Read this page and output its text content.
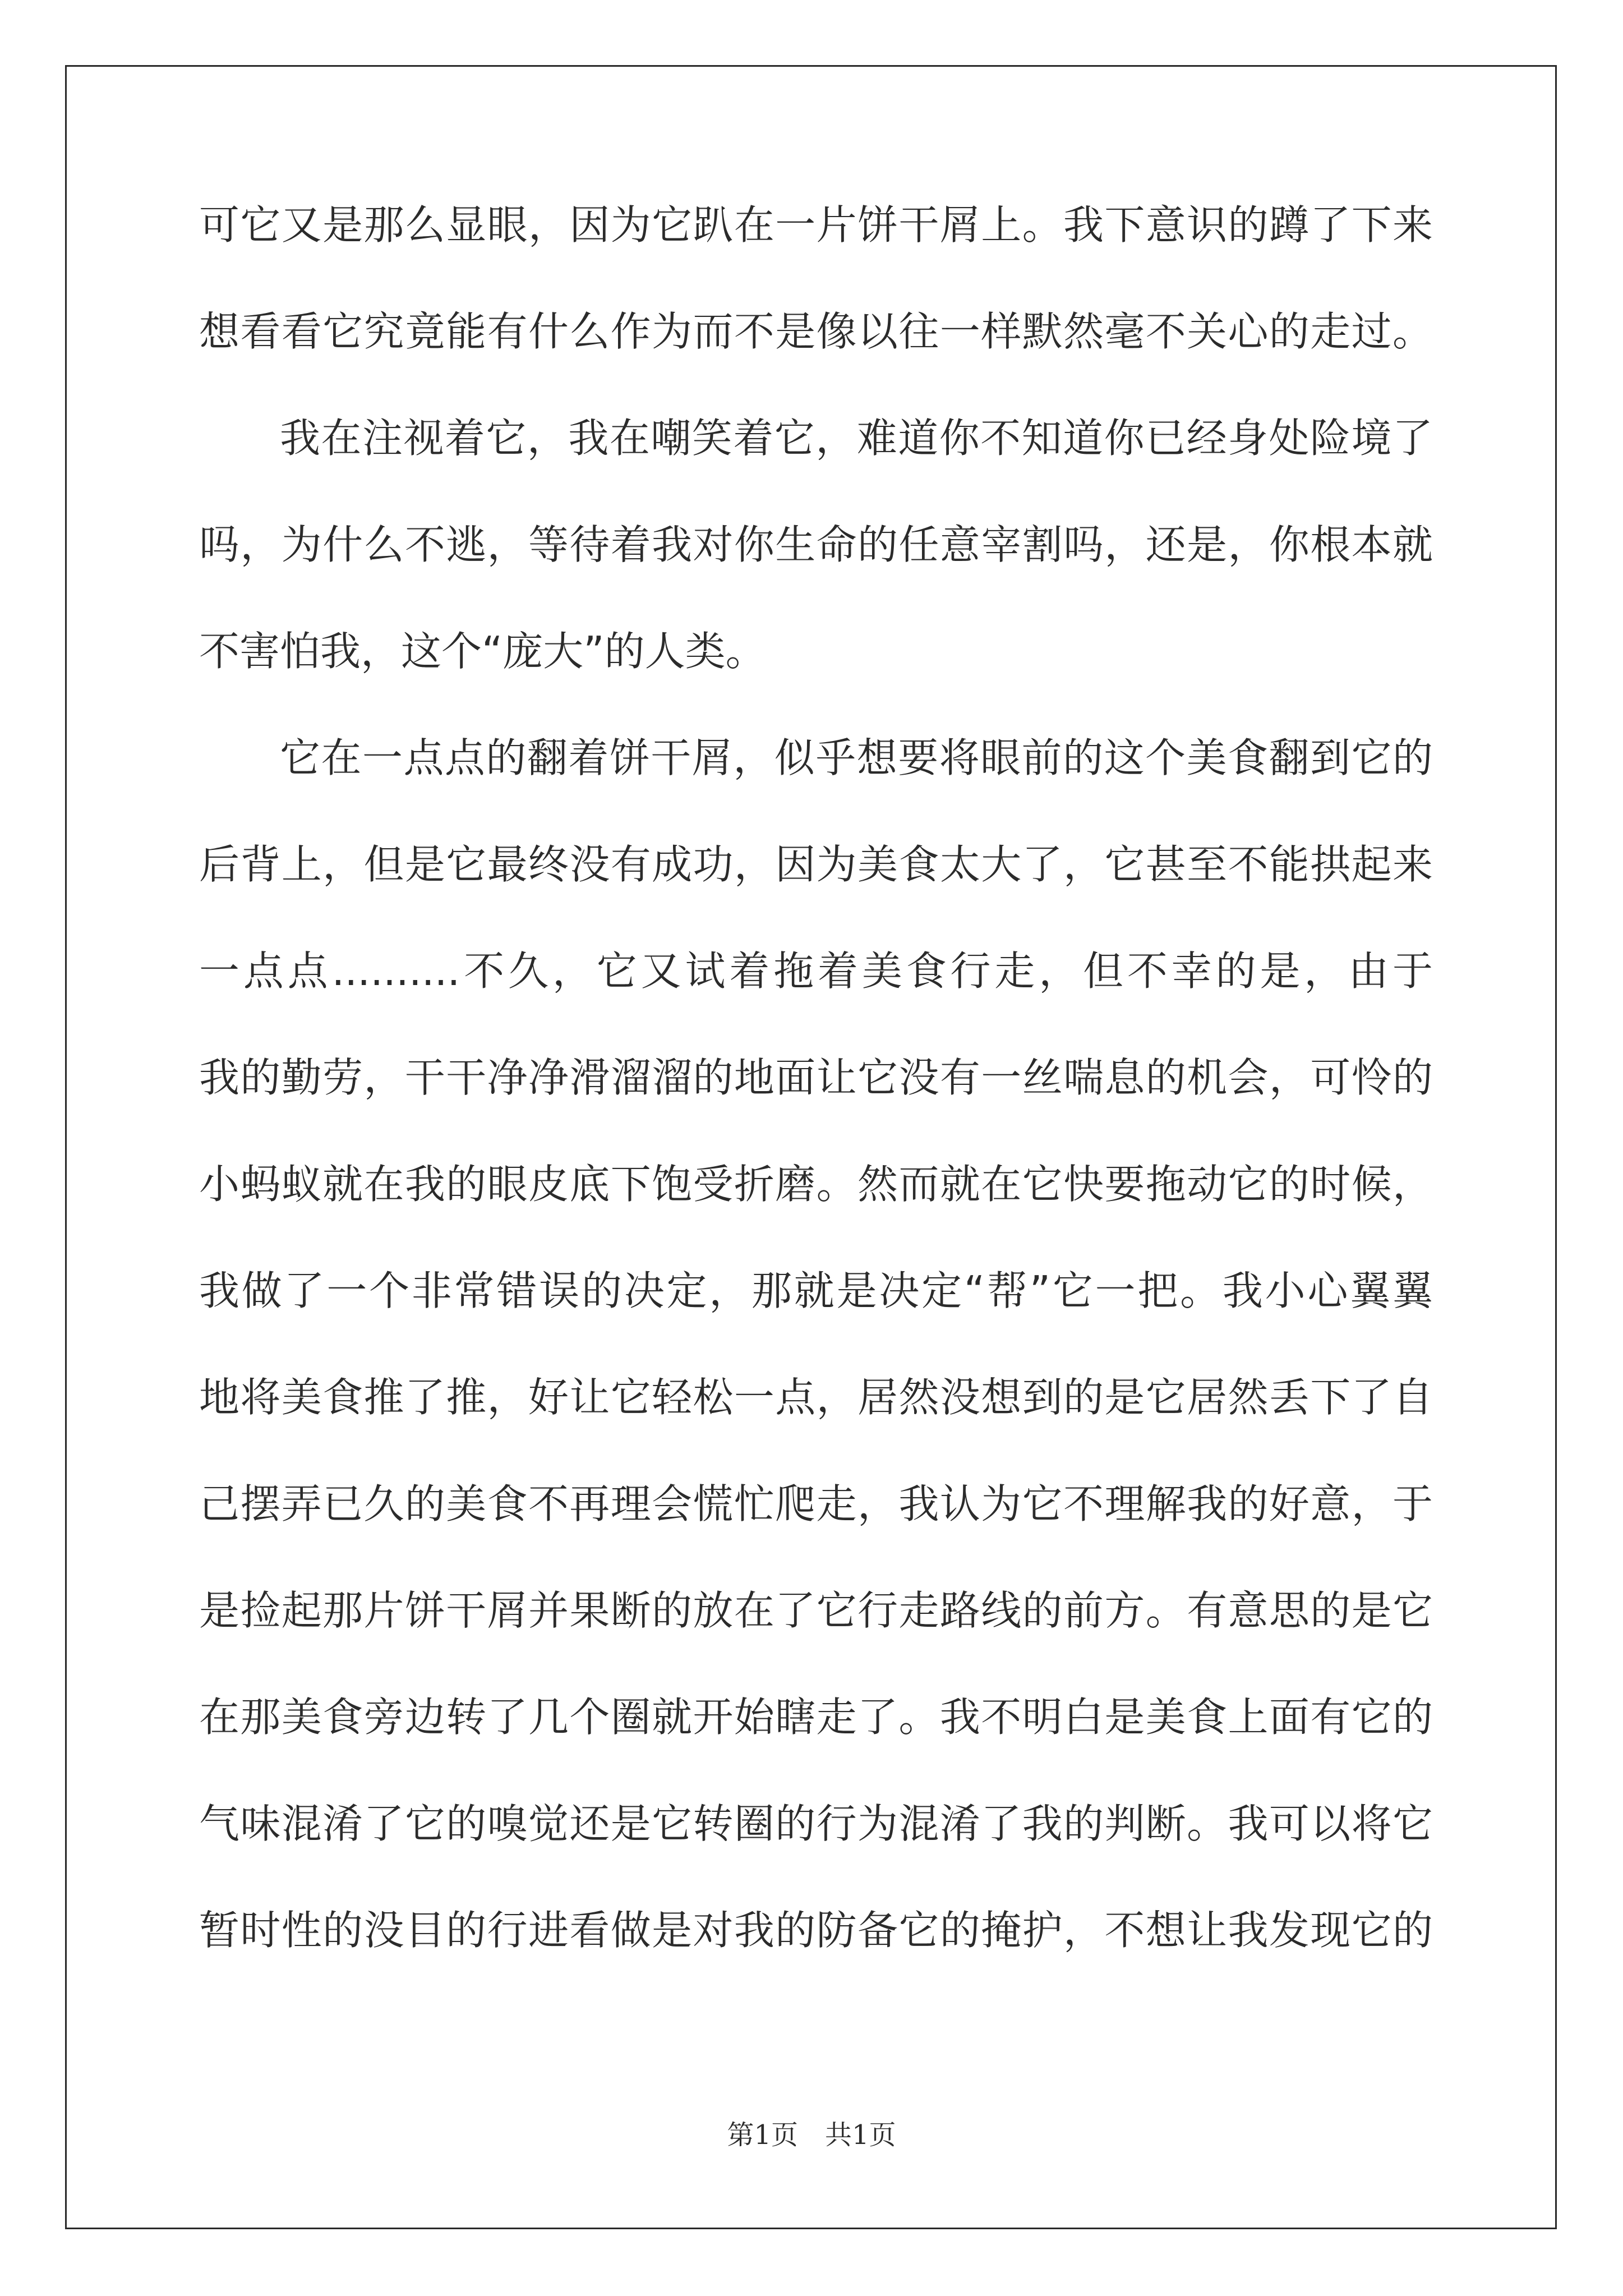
可它又是那么显眼，因为它趴在一片饼干屑上。我下意识的蹲了下来
想看看它究竟能有什么作为而不是像以往一样默然毫不关心的走过。
我在注视着它，我在嘲笑着它，难道你不知道你已经身处险境了
吗，为什么不逃，等待着我对你生命的任意宰割吗，还是，你根本就
不害怕我，这个“庞大”的人类。
它在一点点的翻着饼干屑，似乎想要将眼前的这个美食翻到它的
后背上，但是它最终没有成功，因为美食太大了，它甚至不能拱起来
一点点..........不久，它又试着拖着美食行走，但不幸的是，由于
我的勤劳，干干净净滑溜溜的地面让它没有一丝喘息的机会，可怜的
小蚂蚁就在我的眼皮底下饱受折磨。然而就在它快要拖动它的时候，
我做了一个非常错误的决定，那就是决定“帮”它一把。我小心翼翼
地将美食推了推，好让它轻松一点，居然没想到的是它居然丢下了自
己摆弄已久的美食不再理会慌忙爬走，我认为它不理解我的好意，于
是捡起那片饼干屑并果断的放在了它行走路线的前方。有意思的是它
在那美食旁边转了几个圈就开始瞎走了。我不明白是美食上面有它的
气味混淆了它的嗅觉还是它转圈的行为混淆了我的判断。我可以将它
暂时性的没目的行进看做是对我的防备它的掩护，不想让我发现它的
第1页　共1页
